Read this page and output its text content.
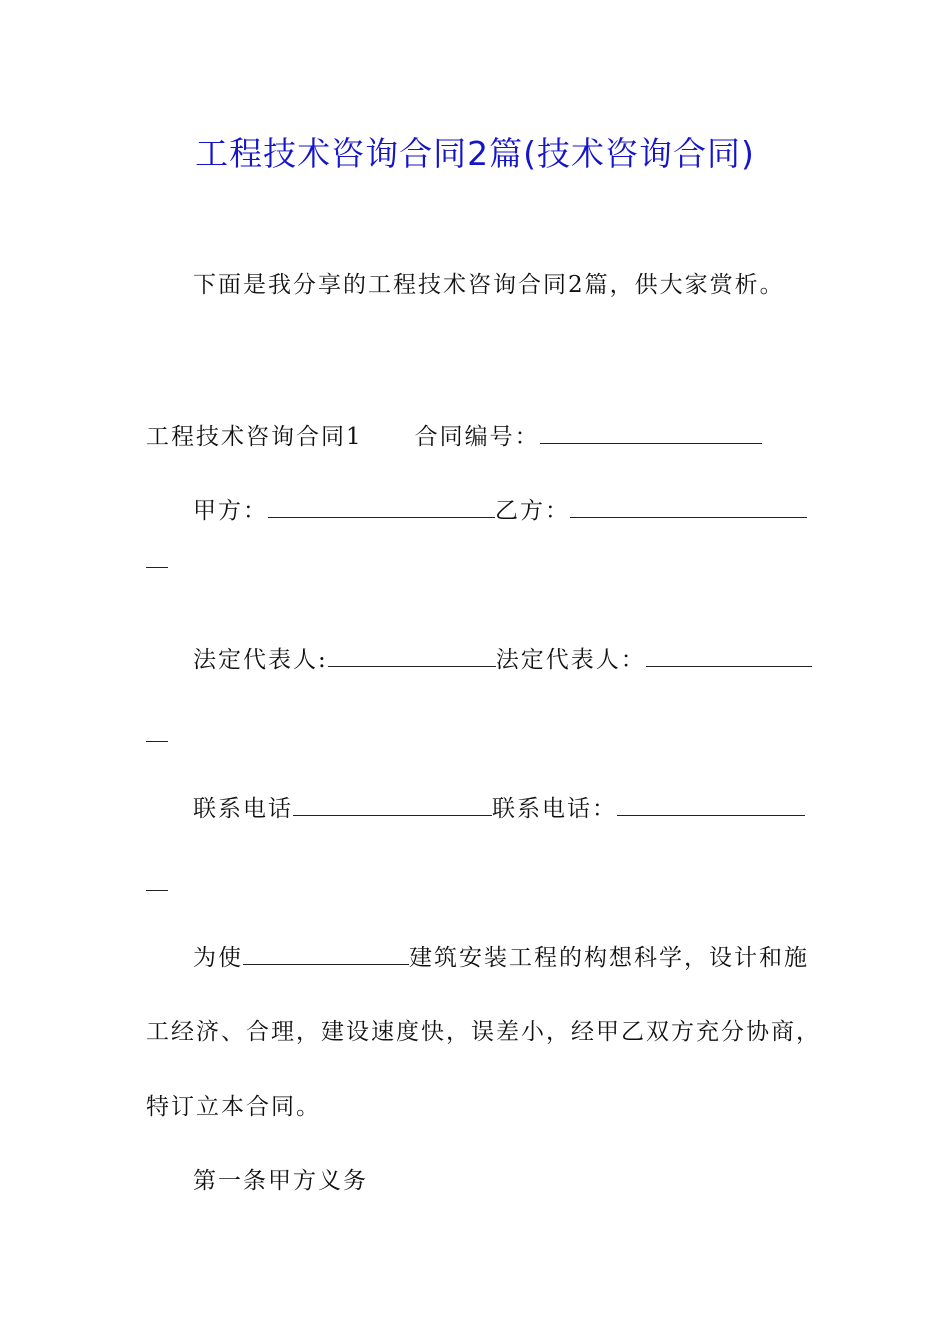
工程技术咨询合同2篇(技术咨询合同)
下面是我分享的工程技术咨询合同2篇，供大家赏析。
工程技术咨询合同1 合同编号：
甲方：	乙方：
法定代表人:	法定代表人：
联系电话	联系电话：
为使	建筑安装工程的构想科学，设计和施
工经济、合理，建设速度快，误差小，经甲乙双方充分协商，
特订立本合同。
第一条甲方义务
